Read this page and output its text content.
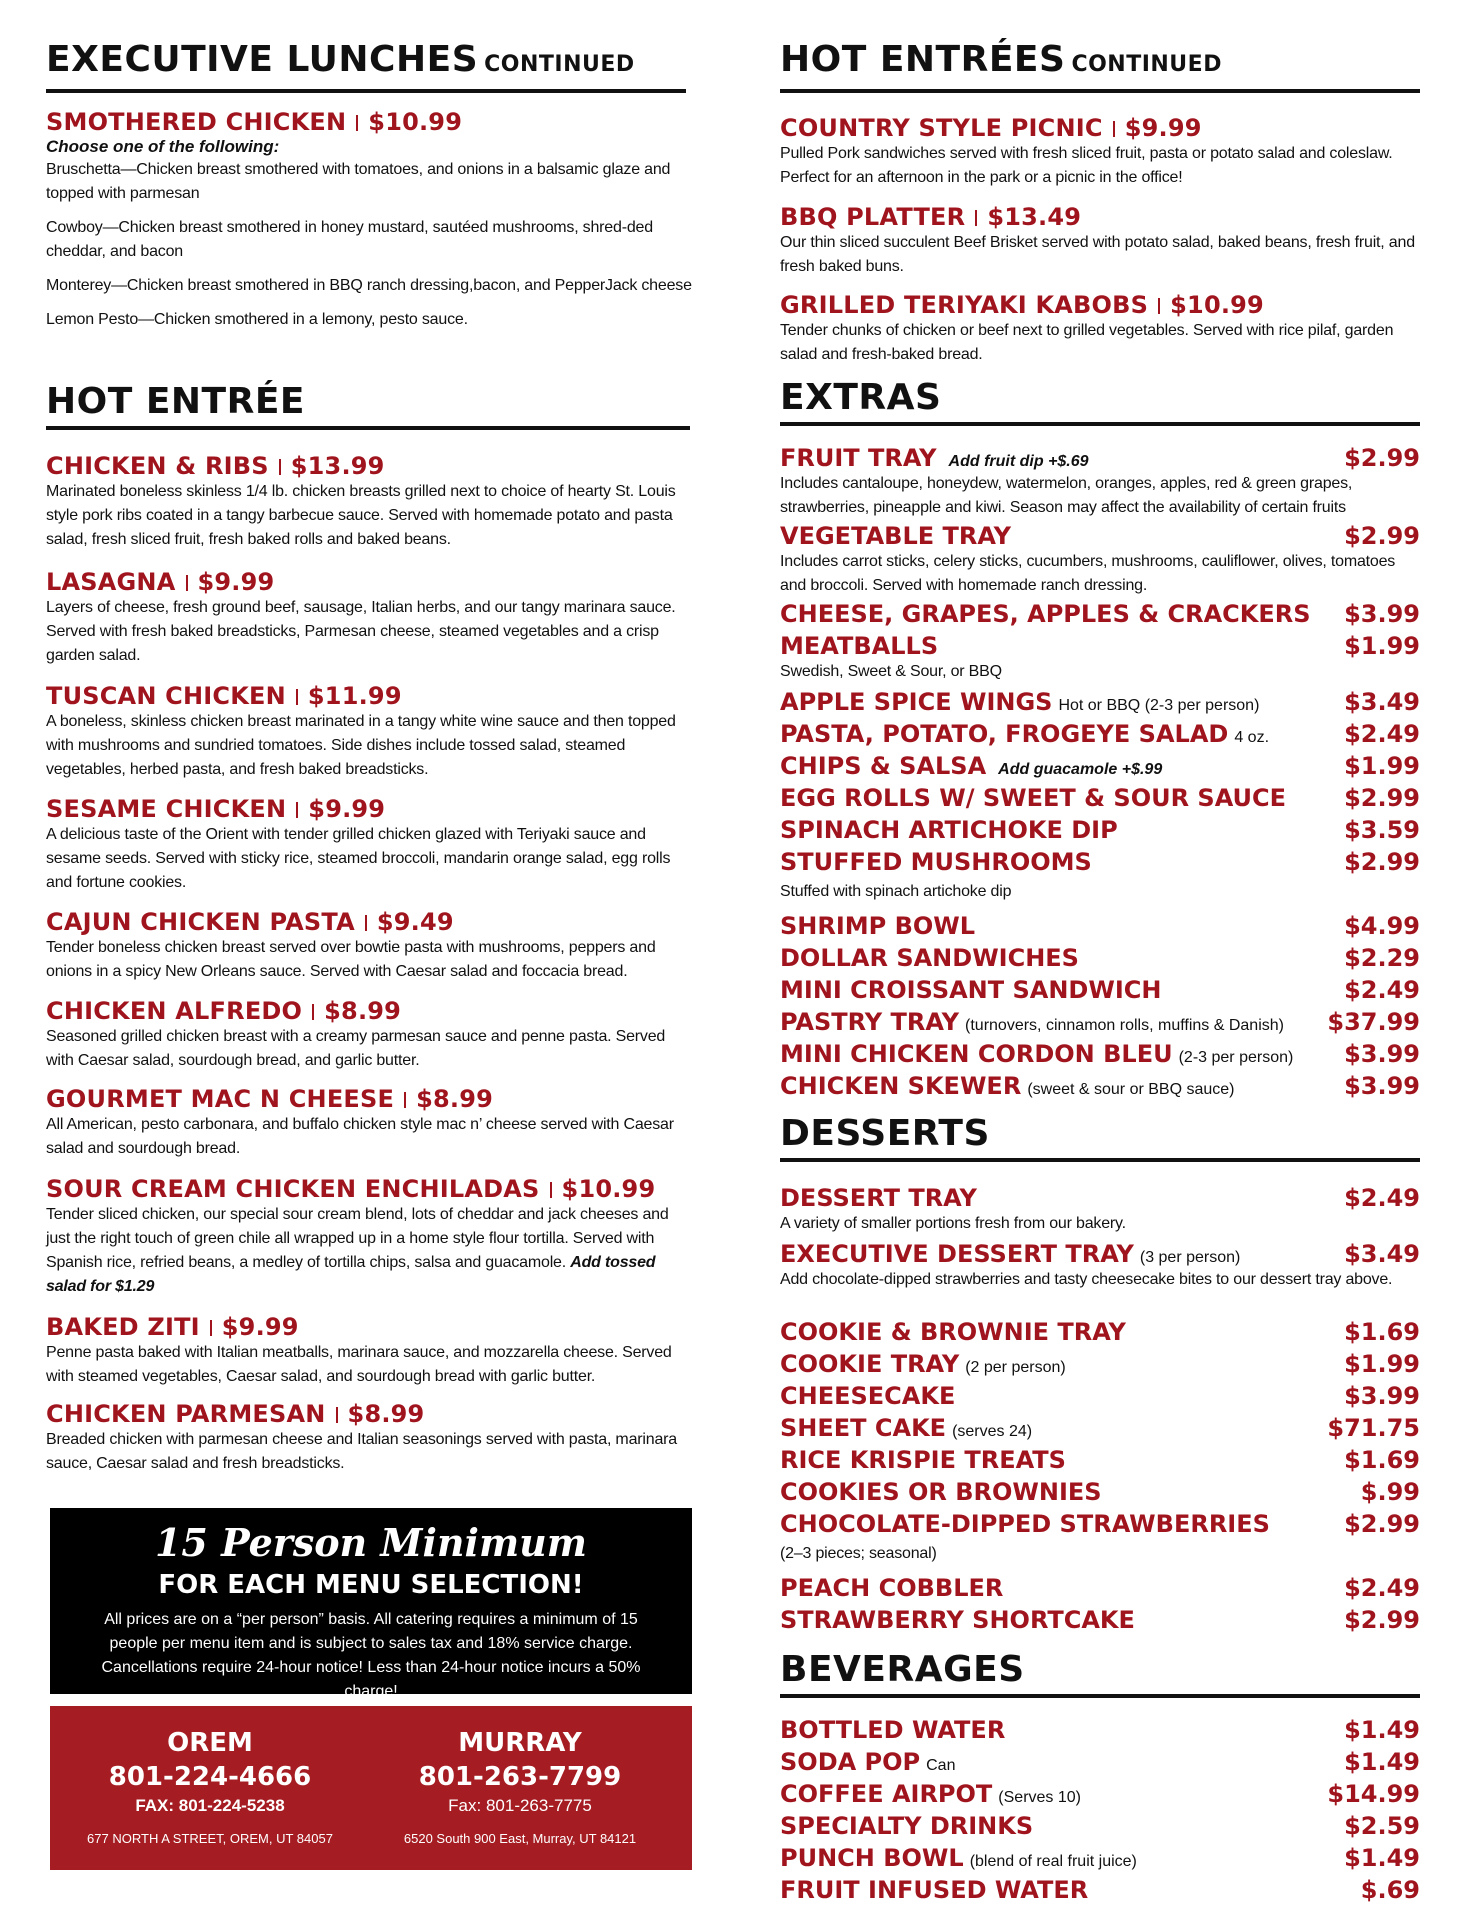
EXECUTIVE LUNCHES CONTINUED
SMOTHERED CHICKEN $10.99
Choose one of the following:
Bruschetta—Chicken breast smothered with tomatoes, and onions in a balsamic glaze and topped with parmesan
Cowboy—Chicken breast smothered in honey mustard, sautéed mushrooms, shred-ded cheddar, and bacon
Monterey—Chicken breast smothered in BBQ ranch dressing,bacon, and PepperJack cheese
Lemon Pesto—Chicken smothered in a lemony, pesto sauce.
HOT ENTRÉE
CHICKEN & RIBS $13.99
Marinated boneless skinless 1/4 lb. chicken breasts grilled next to choice of hearty St. Louis style pork ribs coated in a tangy barbecue sauce. Served with homemade potato and pasta salad, fresh sliced fruit, fresh baked rolls and baked beans.
LASAGNA $9.99
Layers of cheese, fresh ground beef, sausage, Italian herbs, and our tangy marinara sauce. Served with fresh baked breadsticks, Parmesan cheese, steamed vegetables and a crisp garden salad.
TUSCAN CHICKEN $11.99
A boneless, skinless chicken breast marinated in a tangy white wine sauce and then topped with mushrooms and sundried tomatoes. Side dishes include tossed salad, steamed vegetables, herbed pasta, and fresh baked breadsticks.
SESAME CHICKEN $9.99
A delicious taste of the Orient with tender grilled chicken glazed with Teriyaki sauce and sesame seeds. Served with sticky rice, steamed broccoli, mandarin orange salad, egg rolls and fortune cookies.
CAJUN CHICKEN PASTA $9.49
Tender boneless chicken breast served over bowtie pasta with mushrooms, peppers and onions in a spicy New Orleans sauce. Served with Caesar salad and foccacia bread.
CHICKEN ALFREDO $8.99
Seasoned grilled chicken breast with a creamy parmesan sauce and penne pasta. Served with Caesar salad, sourdough bread, and garlic butter.
GOURMET MAC N CHEESE $8.99
All American, pesto carbonara, and buffalo chicken style mac n’ cheese served with Caesar salad and sourdough bread.
SOUR CREAM CHICKEN ENCHILADAS $10.99
Tender sliced chicken, our special sour cream blend, lots of cheddar and jack cheeses and just the right touch of green chile all wrapped up in a home style flour tortilla. Served with Spanish rice, refried beans, a medley of tortilla chips, salsa and guacamole. Add tossed salad for $1.29
BAKED ZITI $9.99
Penne pasta baked with Italian meatballs, marinara sauce, and mozzarella cheese. Served with steamed vegetables, Caesar salad, and sourdough bread with garlic butter.
CHICKEN PARMESAN $8.99
Breaded chicken with parmesan cheese and Italian seasonings served with pasta, marinara sauce, Caesar salad and fresh breadsticks.
15 Person Minimum
FOR EACH MENU SELECTION!
All prices are on a “per person” basis. All catering requires a minimum of 15 people per menu item and is subject to sales tax and 18% service charge. Cancellations require 24-hour notice! Less than 24-hour notice incurs a 50% charge!
OREM
801-224-4666
FAX: 801-224-5238
677 NORTH A STREET, OREM, UT 84057
MURRAY
801-263-7799
Fax: 801-263-7775
6520 South 900 East, Murray, UT 84121
HOT ENTRÉES CONTINUED
COUNTRY STYLE PICNIC $9.99
Pulled Pork sandwiches served with fresh sliced fruit, pasta or potato salad and coleslaw. Perfect for an afternoon in the park or a picnic in the office!
BBQ PLATTER $13.49
Our thin sliced succulent Beef Brisket served with potato salad, baked beans, fresh fruit, and fresh baked buns.
GRILLED TERIYAKI KABOBS $10.99
Tender chunks of chicken or beef next to grilled vegetables. Served with rice pilaf, garden salad and fresh-baked bread.
EXTRAS
FRUIT TRAY Add fruit dip +$.69	$2.99
Includes cantaloupe, honeydew, watermelon, oranges, apples, red & green grapes, strawberries, pineapple and kiwi. Season may affect the availability of certain fruits
VEGETABLE TRAY	$2.99
Includes carrot sticks, celery sticks, cucumbers, mushrooms, cauliflower, olives, tomatoes and broccoli. Served with homemade ranch dressing.
CHEESE, GRAPES, APPLES & CRACKERS $3.99
MEATBALLS	$1.99
Swedish, Sweet & Sour, or BBQ
APPLE SPICE WINGS Hot or BBQ (2-3 per person)	$3.49
PASTA, POTATO, FROGEYE SALAD 4 oz.	$2.49
CHIPS & SALSA Add guacamole +$.99	$1.99
EGG ROLLS W/ SWEET & SOUR SAUCE $2.99
SPINACH ARTICHOKE DIP	$3.59
STUFFED MUSHROOMS	$2.99
Stuffed with spinach artichoke dip
SHRIMP BOWL	$4.99
DOLLAR SANDWICHES	$2.29
MINI CROISSANT SANDWICH	$2.49
PASTRY TRAY (turnovers, cinnamon rolls, muffins & Danish) $37.99
MINI CHICKEN CORDON BLEU (2-3 per person) $3.99
CHICKEN SKEWER (sweet & sour or BBQ sauce)	$3.99
DESSERTS
DESSERT TRAY	$2.49
A variety of smaller portions fresh from our bakery.
EXECUTIVE DESSERT TRAY (3 per person)	$3.49
Add chocolate-dipped strawberries and tasty cheesecake bites to our dessert tray above.
COOKIE & BROWNIE TRAY	$1.69
COOKIE TRAY (2 per person)	$1.99
CHEESECAKE	$3.99
SHEET CAKE (serves 24)	$71.75
RICE KRISPIE TREATS	$1.69
COOKIES OR BROWNIES	$.99
CHOCOLATE-DIPPED STRAWBERRIES	$2.99
(2–3 pieces; seasonal)
PEACH COBBLER	$2.49
STRAWBERRY SHORTCAKE	$2.99
BEVERAGES
BOTTLED WATER	$1.49
SODA POP Can	$1.49
COFFEE AIRPOT (Serves 10)	$14.99
SPECIALTY DRINKS	$2.59
PUNCH BOWL (blend of real fruit juice)	$1.49
FRUIT INFUSED WATER	$.69
